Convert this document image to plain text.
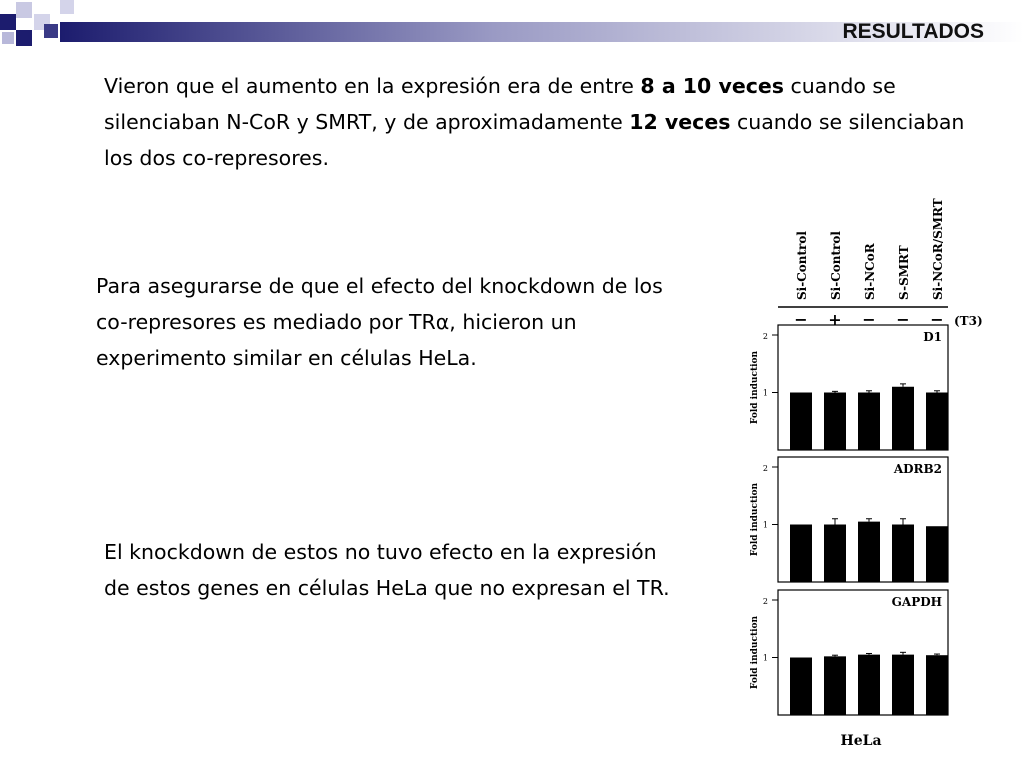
RESULTADOS

Vieron que el aumento en la expresión era de entre 8 a 10 veces cuando se silenciaban N-CoR y SMRT, y de aproximadamente 12 veces cuando se silenciaban los dos co-represores.

Para asegurarse de que el efecto del knockdown de los co-represores es mediado por TRα, hicieron un experimento similar en células HeLa.

El knockdown de estos no tuvo efecto en la expresión de estos genes en células HeLa que no expresan el TR.

Si-Control Si-Control Si-NCoR S-SMRT Si-NCoR/SMRT
− + − − − (T3)
D1
2
1
Fold induction
ADRB2
2
1
Fold induction
GAPDH
2
1
Fold induction
HeLa
